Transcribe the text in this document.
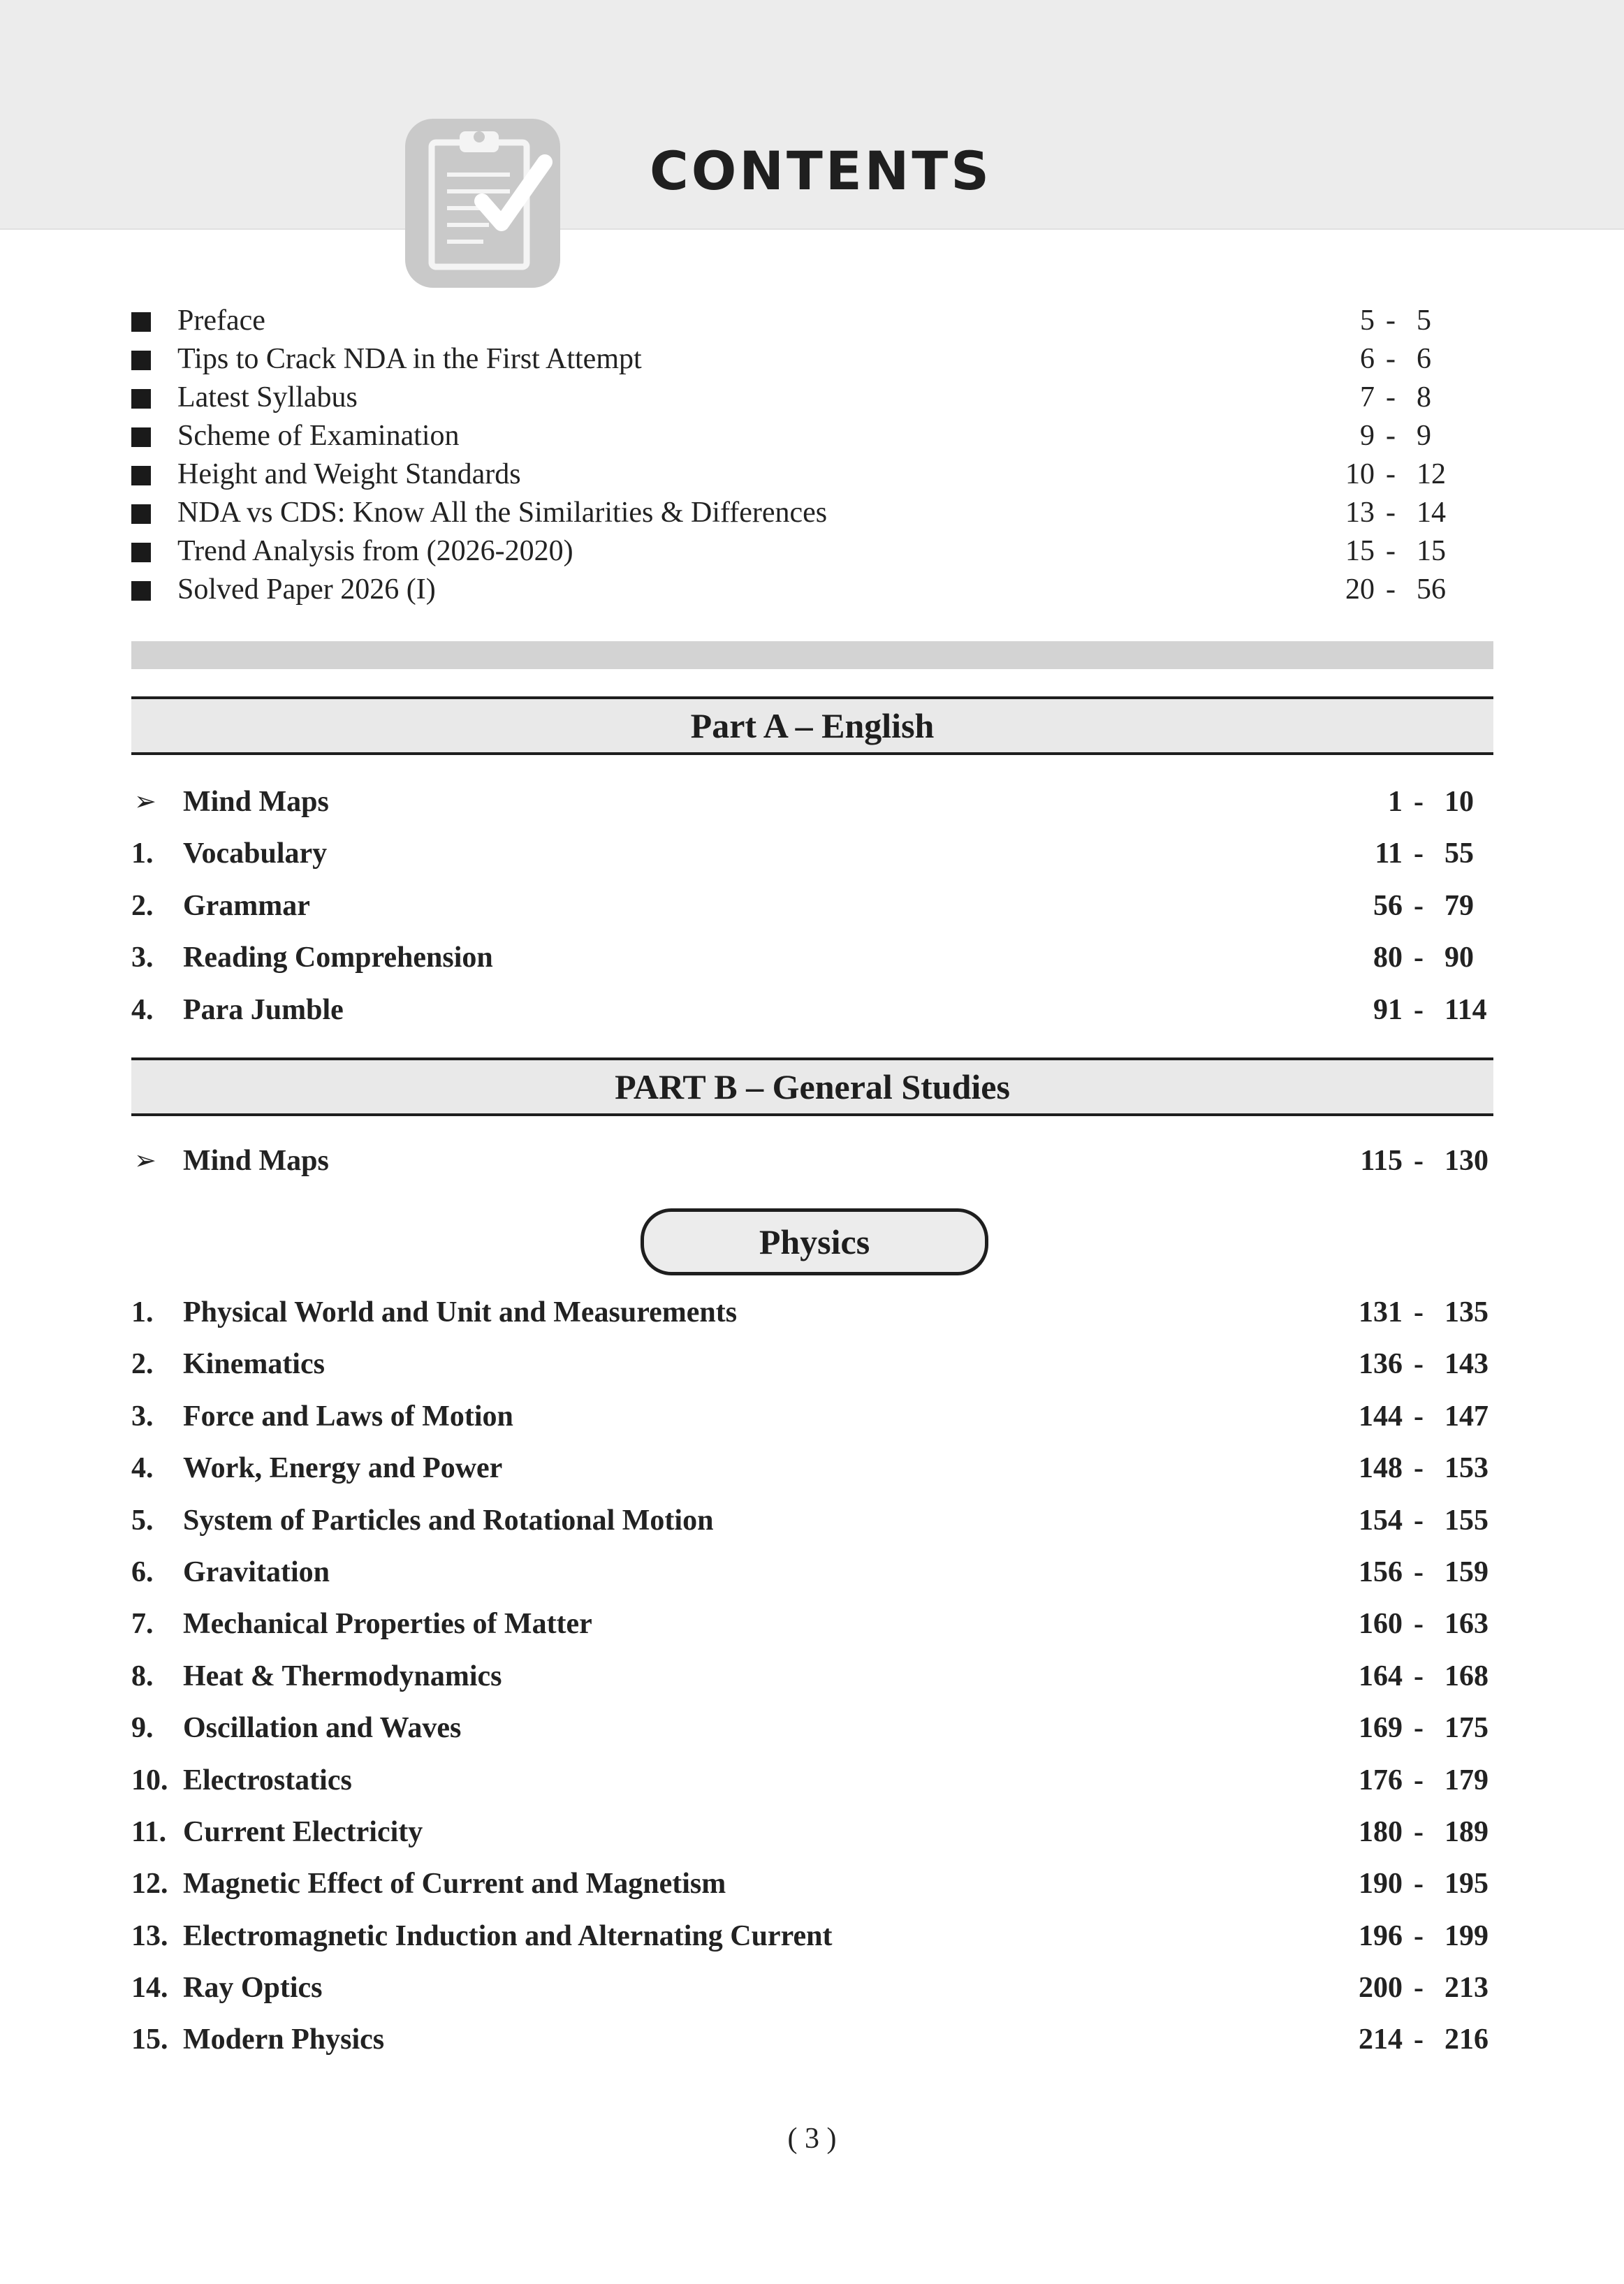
CONTENTS
Preface	5 - 5
Tips to Crack NDA in the First Attempt	6 - 6
Latest Syllabus	7 - 8
Scheme of Examination	9 - 9
Height and Weight Standards	10 - 12
NDA vs CDS: Know All the Similarities & Differences	13 - 14
Trend Analysis from (2026-2020)	15 - 15
Solved Paper 2026 (I)	20 - 56
Part A – English
➢ Mind Maps	1 - 10
1. Vocabulary	11 - 55
2. Grammar	56 - 79
3. Reading Comprehension	80 - 90
4. Para Jumble	91 - 114
PART B – General Studies
➢ Mind Maps	115 - 130
Physics
1. Physical World and Unit and Measurements	131 - 135
2. Kinematics	136 - 143
3. Force and Laws of Motion	144 - 147
4. Work, Energy and Power	148 - 153
5. System of Particles and Rotational Motion	154 - 155
6. Gravitation	156 - 159
7. Mechanical Properties of Matter	160 - 163
8. Heat & Thermodynamics	164 - 168
9. Oscillation and Waves	169 - 175
10. Electrostatics	176 - 179
11. Current Electricity	180 - 189
12. Magnetic Effect of Current and Magnetism	190 - 195
13. Electromagnetic Induction and Alternating Current	196 - 199
14. Ray Optics	200 - 213
15. Modern Physics	214 - 216
( 3 )
